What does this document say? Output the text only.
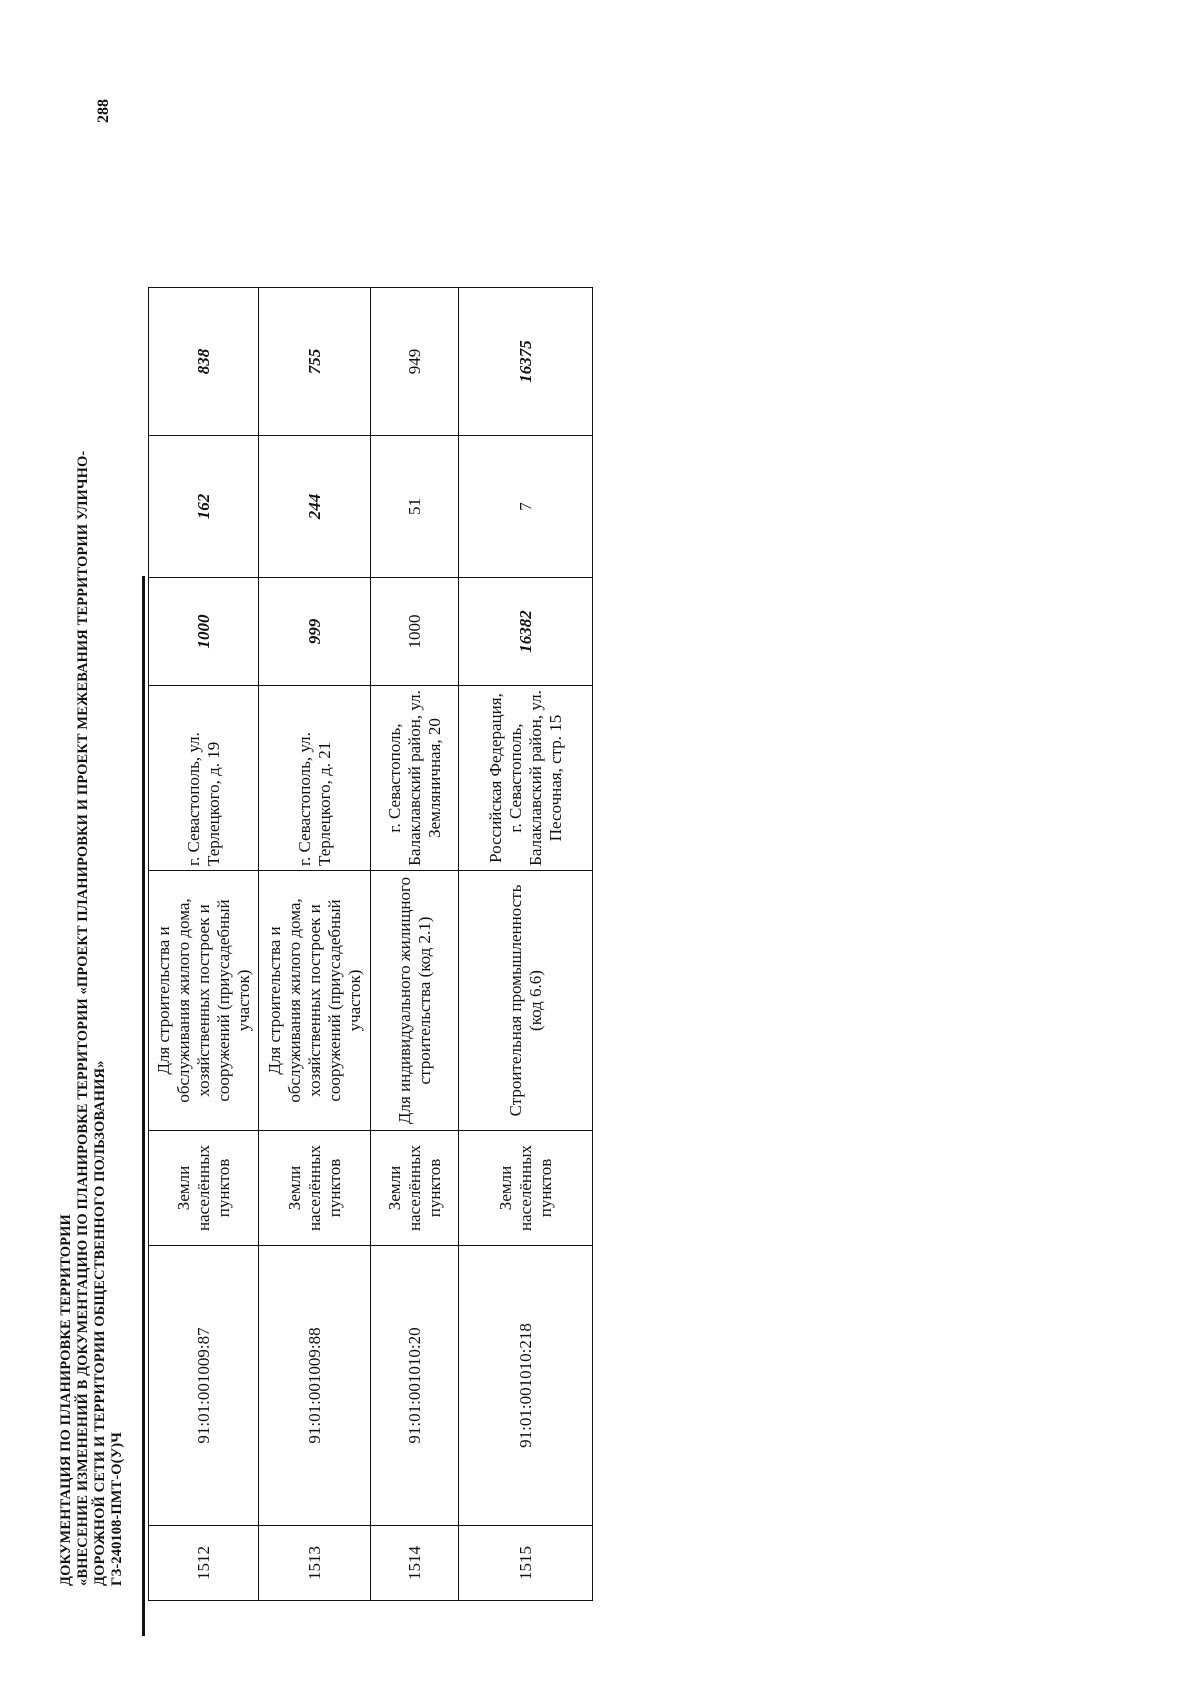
ДОКУМЕНТАЦИЯ ПО ПЛАНИРОВКЕ ТЕРРИТОРИИ «ВНЕСЕНИЕ ИЗМЕНЕНИЙ В ДОКУМЕНТАЦИЮ ПО ПЛАНИРОВКЕ ТЕРРИТОРИИ «ПРОЕКТ ПЛАНИРОВКИ И ПРОЕКТ МЕЖЕВАНИЯ ТЕРРИТОРИИ УЛИЧНО- ДОРОЖНОЙ СЕТИ И ТЕРРИТОРИИ ОБЩЕСТВЕННОГО ПОЛЬЗОВАНИЯ» ГЗ-240108-ПМТ-О(У)Ч
288
1512	91:01:001009:87	Земли населённых пунктов	Для строительства и обслуживания жилого дома, хозяйственных построек и сооружений (приусадебный участок)	г. Севастополь, ул. Терлецкого, д. 19	1000	162	838
1513	91:01:001009:88	Земли населённых пунктов	Для строительства и обслуживания жилого дома, хозяйственных построек и сооружений (приусадебный участок)	г. Севастополь, ул. Терлецкого, д. 21	999	244	755
1514	91:01:001010:20	Земли населённых пунктов	Для индивидуального жилищного строительства (код 2.1)	г. Севастополь, Балаклавский район, ул. Земляничная, 20	1000	51	949
1515	91:01:001010:218	Земли населённых пунктов	Строительная промышленность (код 6.6)	Российская Федерация, г. Севастополь, Балаклавский район, ул. Песочная, стр. 15	16382	7	16375
